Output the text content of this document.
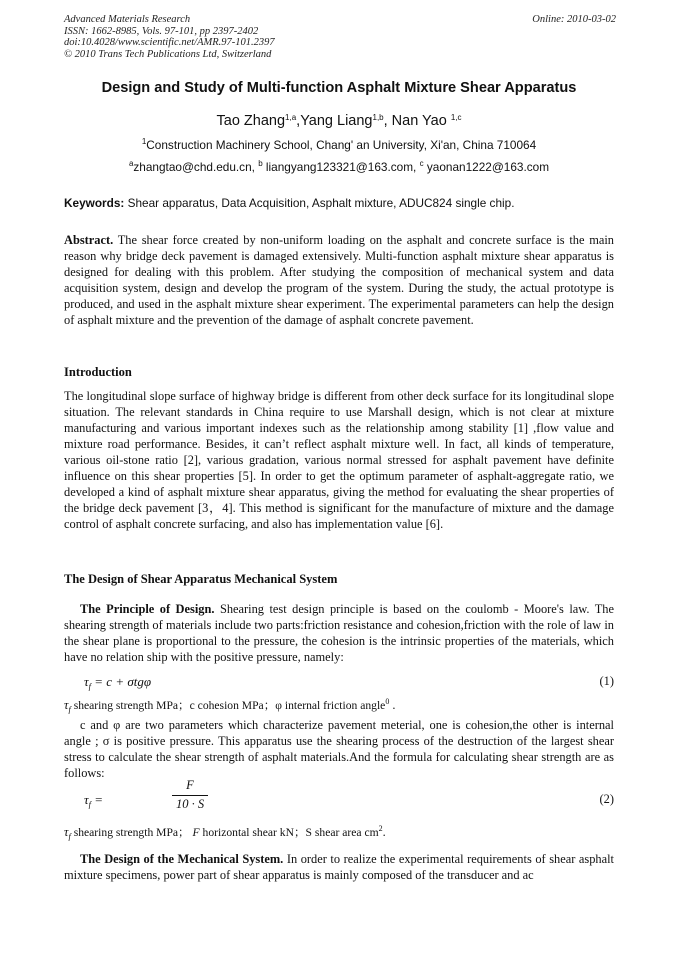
Advanced Materials Research
ISSN: 1662-8985, Vols. 97-101, pp 2397-2402
doi:10.4028/www.scientific.net/AMR.97-101.2397
© 2010 Trans Tech Publications Ltd, Switzerland
Online: 2010-03-02
Design and Study of Multi-function Asphalt Mixture Shear Apparatus
Tao Zhang$^{1,a}$,Yang Liang$^{1,b}$, Nan Yao $^{1,c}$
$^1$Construction Machinery School, Chang' an University, Xi'an, China 710064
$^a$zhangtao@chd.edu.cn, $^b$ liangyang123321@163.com, $^c$ yaonan1222@163.com
Keywords: Shear apparatus, Data Acquisition, Asphalt mixture, ADUC824 single chip.
Abstract. The shear force created by non-uniform loading on the asphalt and concrete surface is the main reason why bridge deck pavement is damaged extensively. Multi-function asphalt mixture shear apparatus is designed for dealing with this problem. After studying the composition of mechanical system and data acquisition system, design and develop the program of the system. During the study, the actual prototype is produced, and used in the asphalt mixture shear experiment. The experimental parameters can help the design of asphalt mixture and the prevention of the damage of asphalt concrete pavement.
Introduction
The longitudinal slope surface of highway bridge is different from other deck surface for its longitudinal slope situation. The relevant standards in China require to use Marshall design, which is not clear at mixture manufacturing and various important indexes such as the relationship among stability [1] ,flow value and mixture road performance. Besides, it can’t reflect asphalt mixture well. In fact, all kinds of temperature, various oil-stone ratio [2], various gradation, various normal stressed for asphalt pavement have definite influence on this shear properties [5]. In order to get the optimum parameter of asphalt-aggregate ratio, we developed a kind of asphalt mixture shear apparatus, giving the method for evaluating the shear properties of the bridge deck pavement [3，4]. This method is significant for the manufacture of mixture and the damage control of asphalt concrete surfacing, and also has implementation value [6].
The Design of Shear Apparatus Mechanical System
The Principle of Design. Shearing test design principle is based on the coulomb - Moore's law. The shearing strength of materials include two parts:friction resistance and cohesion,friction with the role of law in the shear plane is proportional to the pressure, the cohesion is the intrinsic properties of the materials, which have no relation ship with the positive pressure, namely:
$\tau_f = c + \sigma tg\varphi$	(1)
$\tau_f$ shearing strength MPa；c cohesion MPa；φ internal friction angle$^0$ .
c and φ are two parameters which characterize pavement meterial, one is cohesion,the other is internal angle ; σ is positive pressure. This apparatus use the shearing process of the destruction of the largest shear stress to calculate the shear strength of asphalt materials.And the formula for calculating shear strength are as follows:
$\tau_f$ =
F
10 · S	(2)
$\tau_f$ shearing strength MPa； F horizontal shear kN；S shear area $cm^2$.
The Design of the Mechanical System. In order to realize the experimental requirements of shear asphalt mixture specimens, power part of shear apparatus is mainly composed of the transducer and ac
